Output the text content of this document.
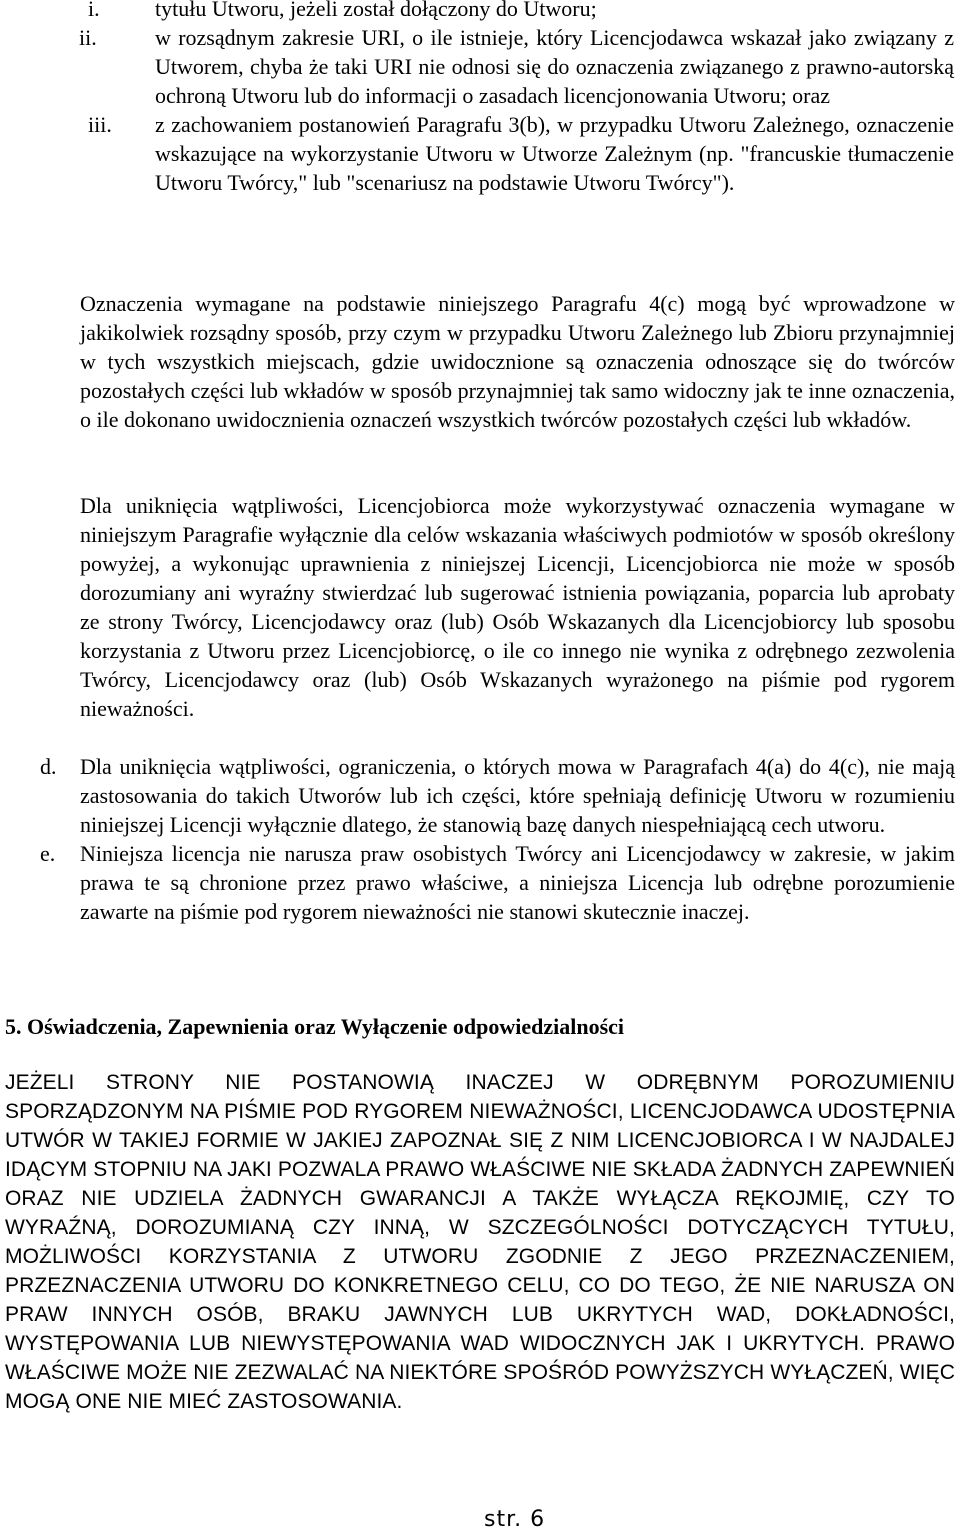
i.	tytułu Utworu, jeżeli został dołączony do Utworu;
ii.	w rozsądnym zakresie URI, o ile istnieje, który Licencjodawca wskazał jako związany z Utworem, chyba że taki URI nie odnosi się do oznaczenia związanego z prawno-autorską ochroną Utworu lub do informacji o zasadach licencjonowania Utworu; oraz
iii. z zachowaniem postanowień Paragrafu 3(b), w przypadku Utworu Zależnego, oznaczenie wskazujące na wykorzystanie Utworu w Utworze Zależnym (np. "francuskie tłumaczenie Utworu Twórcy," lub "scenariusz na podstawie Utworu Twórcy").

Oznaczenia wymagane na podstawie niniejszego Paragrafu 4(c) mogą być wprowadzone w jakikolwiek rozsądny sposób, przy czym w przypadku Utworu Zależnego lub Zbioru przynajmniej w tych wszystkich miejscach, gdzie uwidocznione są oznaczenia odnoszące się do twórców pozostałych części lub wkładów w sposób przynajmniej tak samo widoczny jak te inne oznaczenia, o ile dokonano uwidocznienia oznaczeń wszystkich twórców pozostałych części lub wkładów.

Dla uniknięcia wątpliwości, Licencjobiorca może wykorzystywać oznaczenia wymagane w niniejszym Paragrafie wyłącznie dla celów wskazania właściwych podmiotów w sposób określony powyżej, a wykonując uprawnienia z niniejszej Licencji, Licencjobiorca nie może w sposób dorozumiany ani wyraźny stwierdzać lub sugerować istnienia powiązania, poparcia lub aprobaty ze strony Twórcy, Licencjodawcy oraz (lub) Osób Wskazanych dla Licencjobiorcy lub sposobu korzystania z Utworu przez Licencjobiorcę, o ile co innego nie wynika z odrębnego zezwolenia Twórcy, Licencjodawcy oraz (lub) Osób Wskazanych wyrażonego na piśmie pod rygorem nieważności.

d. Dla uniknięcia wątpliwości, ograniczenia, o których mowa w Paragrafach 4(a) do 4(c), nie mają zastosowania do takich Utworów lub ich części, które spełniają definicję Utworu w rozumieniu niniejszej Licencji wyłącznie dlatego, że stanowią bazę danych niespełniającą cech utworu.
e. Niniejsza licencja nie narusza praw osobistych Twórcy ani Licencjodawcy w zakresie, w jakim prawa te są chronione przez prawo właściwe, a niniejsza Licencja lub odrębne porozumienie zawarte na piśmie pod rygorem nieważności nie stanowi skutecznie inaczej.
5. Oświadczenia, Zapewnienia oraz Wyłączenie odpowiedzialności

JEŻELI STRONY NIE POSTANOWIĄ INACZEJ W ODRĘBNYM POROZUMIENIU SPORZĄDZONYM NA PIŚMIE POD RYGOREM NIEWAŻNOŚCI, LICENCJODAWCA UDOSTĘPNIA UTWÓR W TAKIEJ FORMIE W JAKIEJ ZAPOZNAŁ SIĘ Z NIM LICENCJOBIORCA I W NAJDALEJ IDĄCYM STOPNIU NA JAKI POZWALA PRAWO WŁAŚCIWE NIE SKŁADA ŻADNYCH ZAPEWNIEŃ ORAZ NIE UDZIELA ŻADNYCH GWARANCJI A TAKŻE WYŁĄCZA RĘKOJMIĘ, CZY TO WYRAŹNĄ, DOROZUMIANĄ CZY INNĄ, W SZCZEGÓLNOŚCI DOTYCZĄCYCH TYTUŁU, MOŻLIWOŚCI KORZYSTANIA Z UTWORU ZGODNIE Z JEGO PRZEZNACZENIEM, PRZEZNACZENIA UTWORU DO KONKRETNEGO CELU, CO DO TEGO, ŻE NIE NARUSZA ON PRAW INNYCH OSÓB, BRAKU JAWNYCH LUB UKRYTYCH WAD, DOKŁADNOŚCI, WYSTĘPOWANIA LUB NIEWYSTĘPOWANIA WAD WIDOCZNYCH JAK I UKRYTYCH. PRAWO WŁAŚCIWE MOŻE NIE ZEZWALAĆ NA NIEKTÓRE SPOŚRÓD POWYŻSZYCH WYŁĄCZEŃ, WIĘC MOGĄ ONE NIE MIEĆ ZASTOSOWANIA.

str. 6
